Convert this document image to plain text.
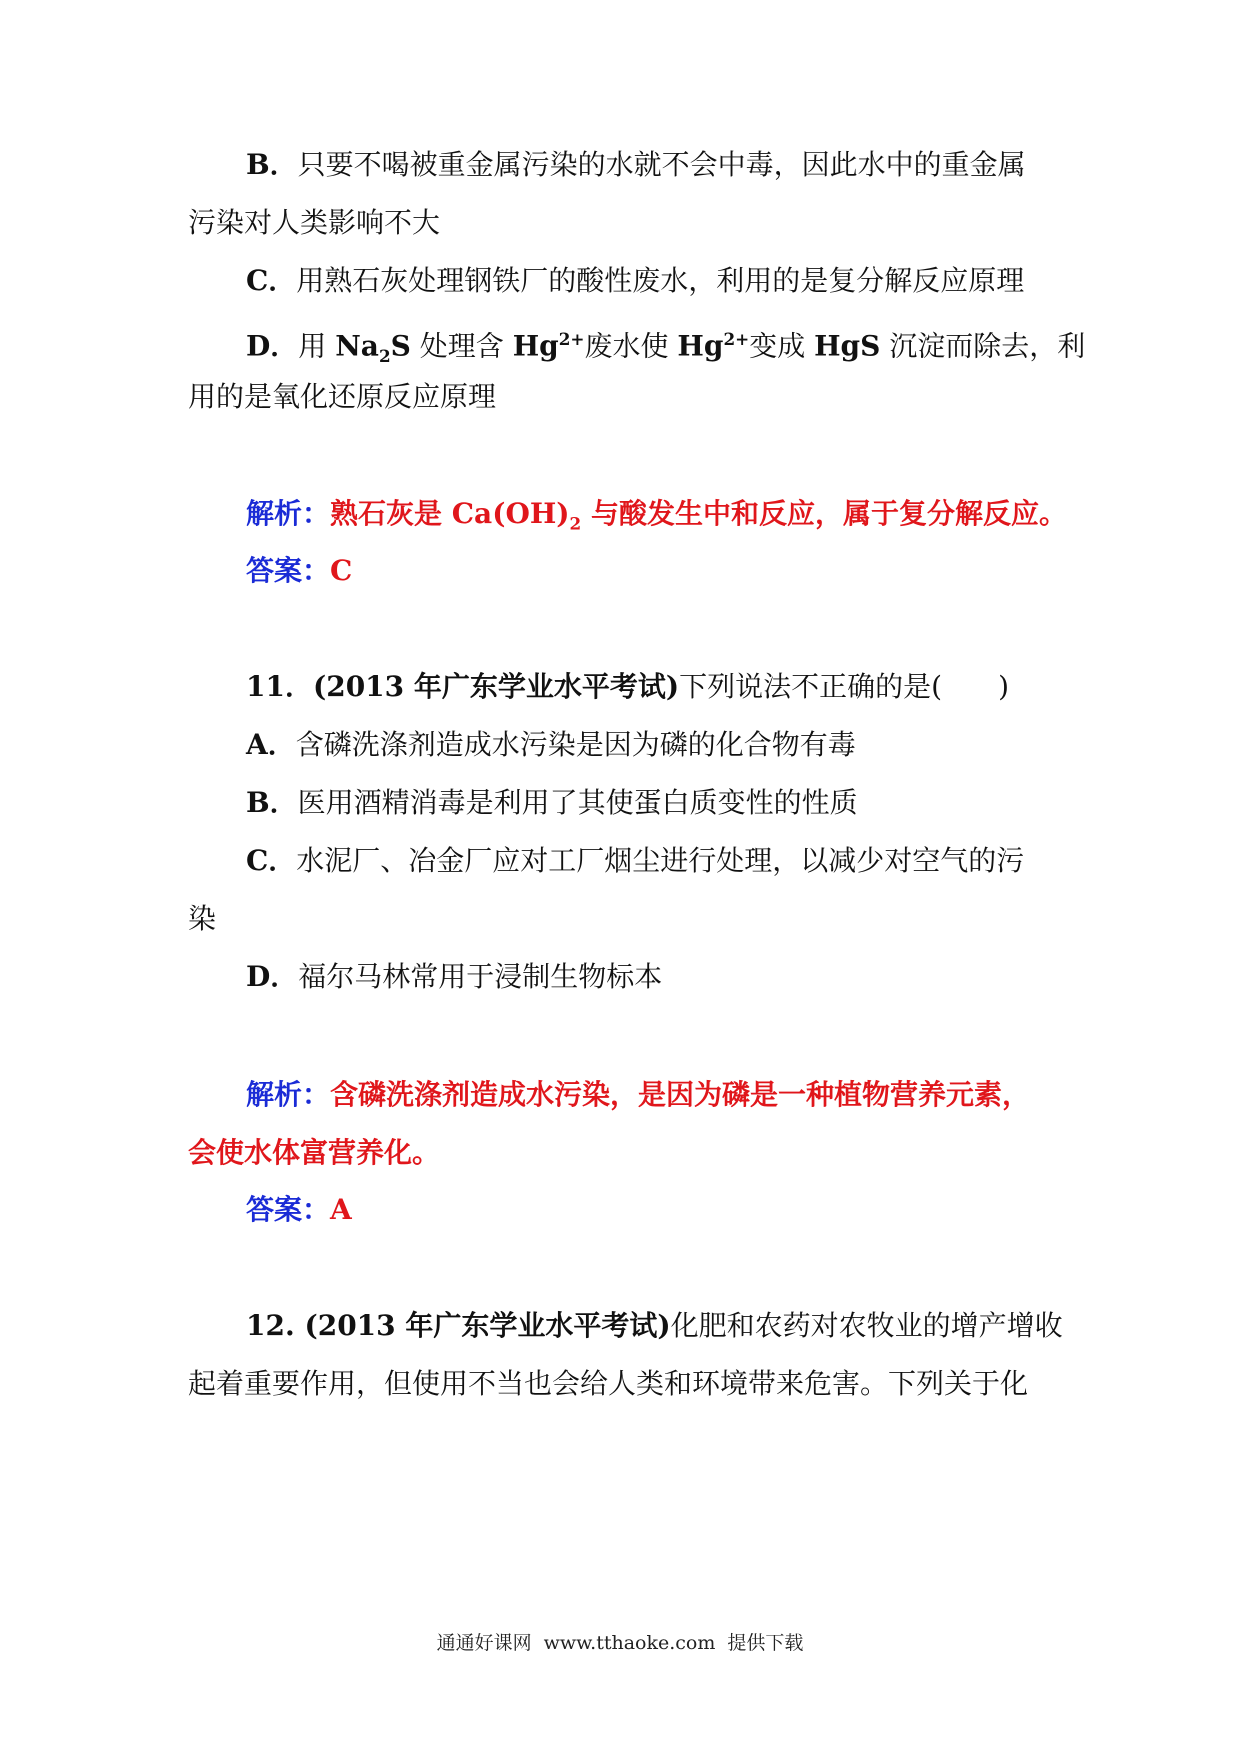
B．只要不喝被重金属污染的水就不会中毒，因此水中的重金属
污染对人类影响不大
C．用熟石灰处理钢铁厂的酸性废水，利用的是复分解反应原理
D．用 $Na_2S$ 处理含 $Hg^{2+}$废水使 $Hg^{2+}$变成 HgS 沉淀而除去，利
用的是氧化还原反应原理
解析：熟石灰是 $Ca(OH)_2$ 与酸发生中和反应，属于复分解反应。
答案：C
11．(2013 年广东学业水平考试)下列说法不正确的是(　　)
A．含磷洗涤剂造成水污染是因为磷的化合物有毒
B．医用酒精消毒是利用了其使蛋白质变性的性质
C．水泥厂、冶金厂应对工厂烟尘进行处理，以减少对空气的污
染
D．福尔马林常用于浸制生物标本
解析：含磷洗涤剂造成水污染，是因为磷是一种植物营养元素，
会使水体富营养化。
答案：A
12. (2013 年广东学业水平考试)化肥和农药对农牧业的增产增收
起着重要作用，但使用不当也会给人类和环境带来危害。下列关于化
通通好课网 www.tthaoke.com 提供下载
